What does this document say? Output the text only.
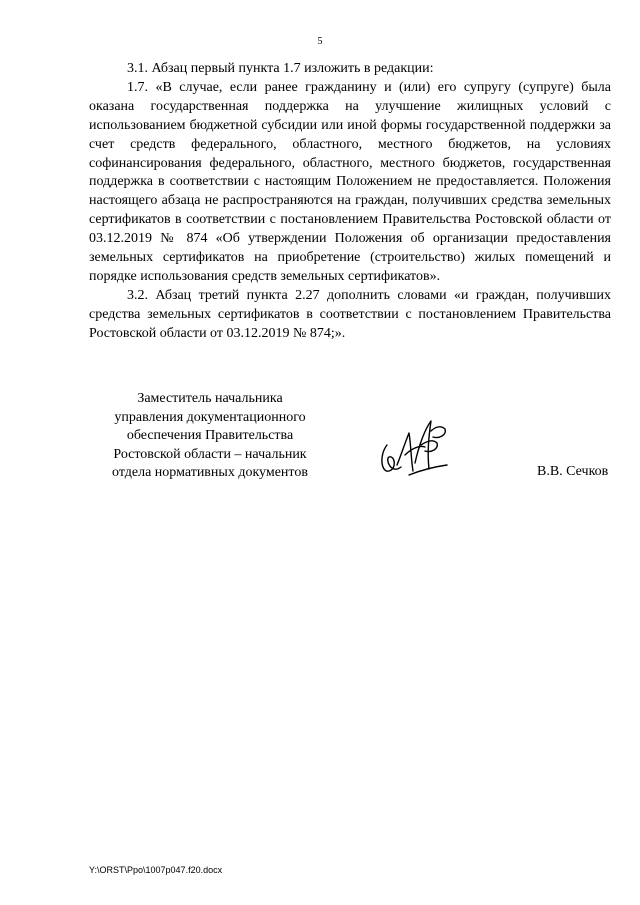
5

3.1. Абзац первый пункта 1.7 изложить в редакции:

1.7. «В случае, если ранее гражданину и (или) его супругу (супруге) была оказана государственная поддержка на улучшение жилищных условий с использованием бюджетной субсидии или иной формы государственной поддержки за счет средств федерального, областного, местного бюджетов, на условиях софинансирования федерального, областного, местного бюджетов, государственная поддержка в соответствии с настоящим Положением не предоставляется. Положения настоящего абзаца не распространяются на граждан, получивших средства земельных сертификатов в соответствии с постановлением Правительства Ростовской области от 03.12.2019 № 874 «Об утверждении Положения об организации предоставления земельных сертификатов на приобретение (строительство) жилых помещений и порядке использования средств земельных сертификатов».

3.2. Абзац третий пункта 2.27 дополнить словами «и граждан, получивших средства земельных сертификатов в соответствии с постановлением Правительства Ростовской области от 03.12.2019 № 874;».

Заместитель начальника
управления документационного
обеспечения Правительства
Ростовской области – начальник
отдела нормативных документов	В.В. Сечков
Y:\ORST\Ppo\1007p047.f20.docx
